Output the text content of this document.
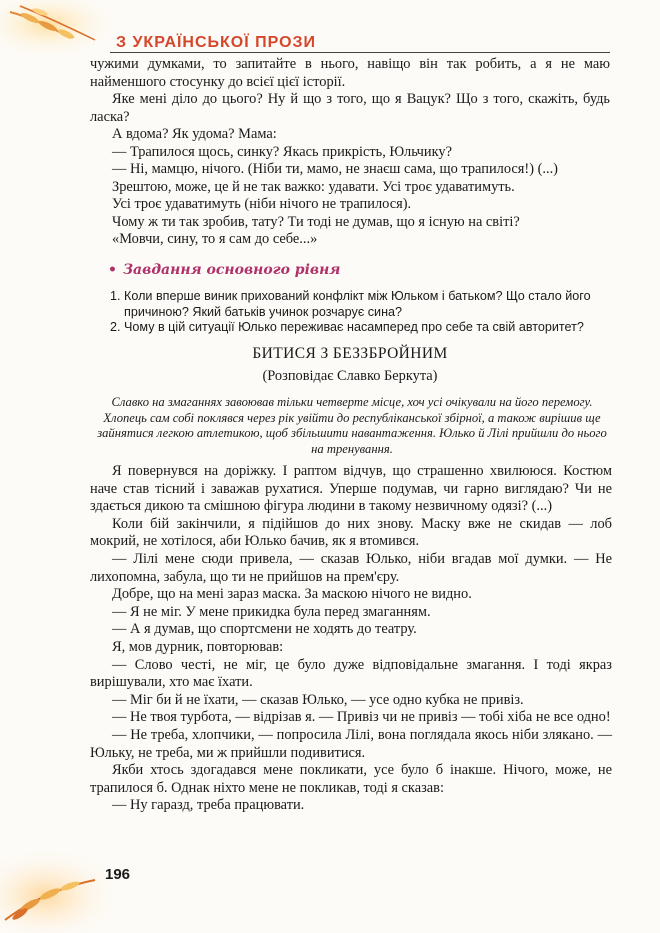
З УКРАЇНСЬКОЇ ПРОЗИ

чужими думками, то запитайте в нього, навіщо він так робить, а я не маю найменшого стосунку до всієї цієї історії.

Яке мені діло до цього? Ну й що з того, що я Вацук? Що з того, скажіть, будь ласка?

А вдома? Як удома? Мама:

— Трапилося щось, синку? Якась прикрість, Юльчику?

— Ні, мамцю, нічого. (Ніби ти, мамо, не знаєш сама, що трапилося!) (...)

Зрештою, може, це й не так важко: удавати. Усі троє удаватимуть.

Усі троє удаватимуть (ніби нічого не трапилося).

Чому ж ти так зробив, тату? Ти тоді не думав, що я існую на світі?

«Мовчи, сину, то я сам до себе...»

• Завдання основного рівня
1. Коли вперше виник прихований конфлікт між Юльком і батьком? Що стало його причиною? Який батьків учинок розчарує сина?
2. Чому в цій ситуації Юлько переживає насамперед про себе та свій авторитет?
БИТИСЯ З БЕЗЗБРОЙНИМ
(Розповідає Славко Беркута)
Славко на змаганнях завоював тільки четверте місце, хоч усі очікували на його перемогу. Хлопець сам собі поклявся через рік увійти до республіканської збірної, а також вирішив ще зайнятися легкою атлетикою, щоб збільшити навантаження. Юлько й Лілі прийшли до нього на тренування.

Я повернувся на доріжку. І раптом відчув, що страшенно хвилююся. Костюм наче став тісний і заважав рухатися. Уперше подумав, чи гарно виглядаю? Чи не здається дикою та смішною фігура людини в такому незвичному одязі? (...)

Коли бій закінчили, я підійшов до них знову. Маску вже не скидав — лоб мокрий, не хотілося, аби Юлько бачив, як я втомився.

— Лілі мене сюди привела, — сказав Юлько, ніби вгадав мої думки. — Не лихопомна, забула, що ти не прийшов на прем'єру.

Добре, що на мені зараз маска. За маскою нічого не видно.

— Я не міг. У мене прикидка була перед змаганням.

— А я думав, що спортсмени не ходять до театру.

Я, мов дурник, повторював:

— Слово честі, не міг, це було дуже відповідальне змагання. І тоді якраз вирішували, хто має їхати.

— Міг би й не їхати, — сказав Юлько, — усе одно кубка не привіз.

— Не твоя турбота, — відрізав я. — Привіз чи не привіз — тобі хіба не все одно!

— Не треба, хлопчики, — попросила Лілі, вона поглядала якось ніби зляканo. — Юльку, не треба, ми ж прийшли подивитися.

Якби хтось здогадався мене покликати, усе було б інакше. Нічого, може, не трапилося б. Однак ніхто мене не покликав, тоді я сказав:

— Ну гаразд, треба працювати.

196
